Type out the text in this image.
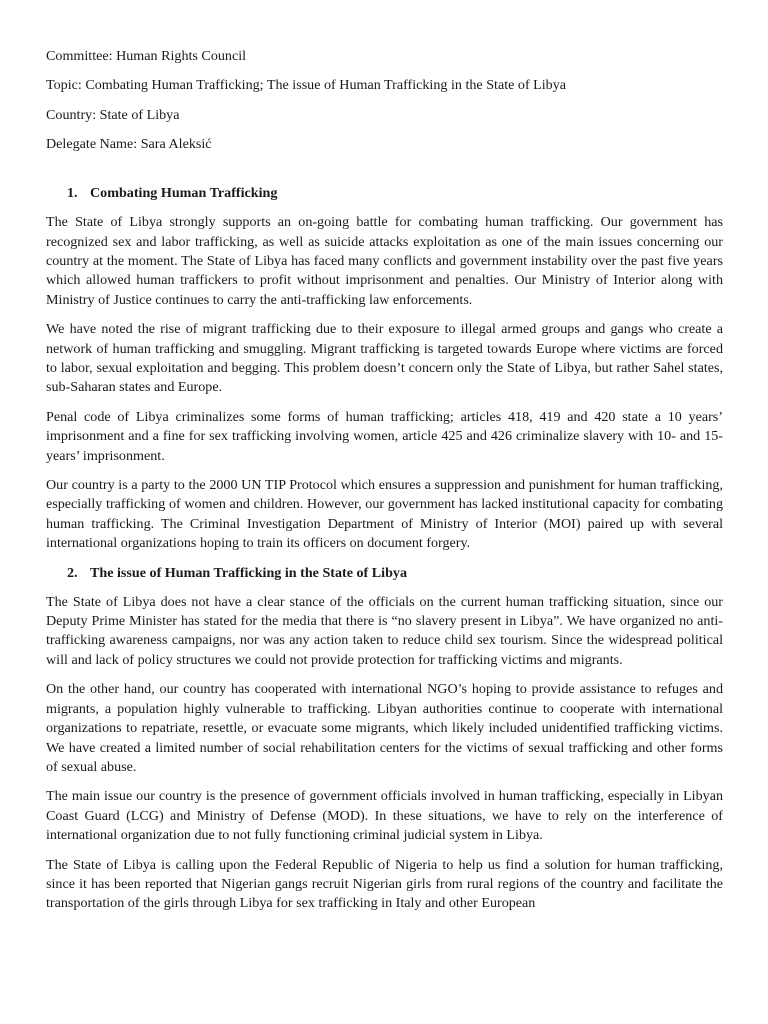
Committee: Human Rights Council

Topic: Combating Human Trafficking; The issue of Human Trafficking in the State of Libya

Country: State of Libya

Delegate Name: Sara Aleksić

1. Combating Human Trafficking

The State of Libya strongly supports an on-going battle for combating human trafficking. Our government has recognized sex and labor trafficking, as well as suicide attacks exploitation as one of the main issues concerning our country at the moment. The State of Libya has faced many conflicts and government instability over the past five years which allowed human traffickers to profit without imprisonment and penalties. Our Ministry of Interior along with Ministry of Justice continues to carry the anti-trafficking law enforcements.

We have noted the rise of migrant trafficking due to their exposure to illegal armed groups and gangs who create a network of human trafficking and smuggling. Migrant trafficking is targeted towards Europe where victims are forced to labor, sexual exploitation and begging. This problem doesn’t concern only the State of Libya, but rather Sahel states, sub-Saharan states and Europe.

Penal code of Libya criminalizes some forms of human trafficking; articles 418, 419 and 420 state a 10 years’ imprisonment and a fine for sex trafficking involving women, article 425 and 426 criminalize slavery with 10- and 15-years’ imprisonment.

Our country is a party to the 2000 UN TIP Protocol which ensures a suppression and punishment for human trafficking, especially trafficking of women and children. However, our government has lacked institutional capacity for combating human trafficking. The Criminal Investigation Department of Ministry of Interior (MOI) paired up with several international organizations hoping to train its officers on document forgery.

2. The issue of Human Trafficking in the State of Libya

The State of Libya does not have a clear stance of the officials on the current human trafficking situation, since our Deputy Prime Minister has stated for the media that there is “no slavery present in Libya”. We have organized no anti-trafficking awareness campaigns, nor was any action taken to reduce child sex tourism. Since the widespread political will and lack of policy structures we could not provide protection for trafficking victims and migrants.

On the other hand, our country has cooperated with international NGO’s hoping to provide assistance to refuges and migrants, a population highly vulnerable to trafficking. Libyan authorities continue to cooperate with international organizations to repatriate, resettle, or evacuate some migrants, which likely included unidentified trafficking victims. We have created a limited number of social rehabilitation centers for the victims of sexual trafficking and other forms of sexual abuse.

The main issue our country is the presence of government officials involved in human trafficking, especially in Libyan Coast Guard (LCG) and Ministry of Defense (MOD). In these situations, we have to rely on the interference of international organization due to not fully functioning criminal judicial system in Libya.

The State of Libya is calling upon the Federal Republic of Nigeria to help us find a solution for human trafficking, since it has been reported that Nigerian gangs recruit Nigerian girls from rural regions of the country and facilitate the transportation of the girls through Libya for sex trafficking in Italy and other European
